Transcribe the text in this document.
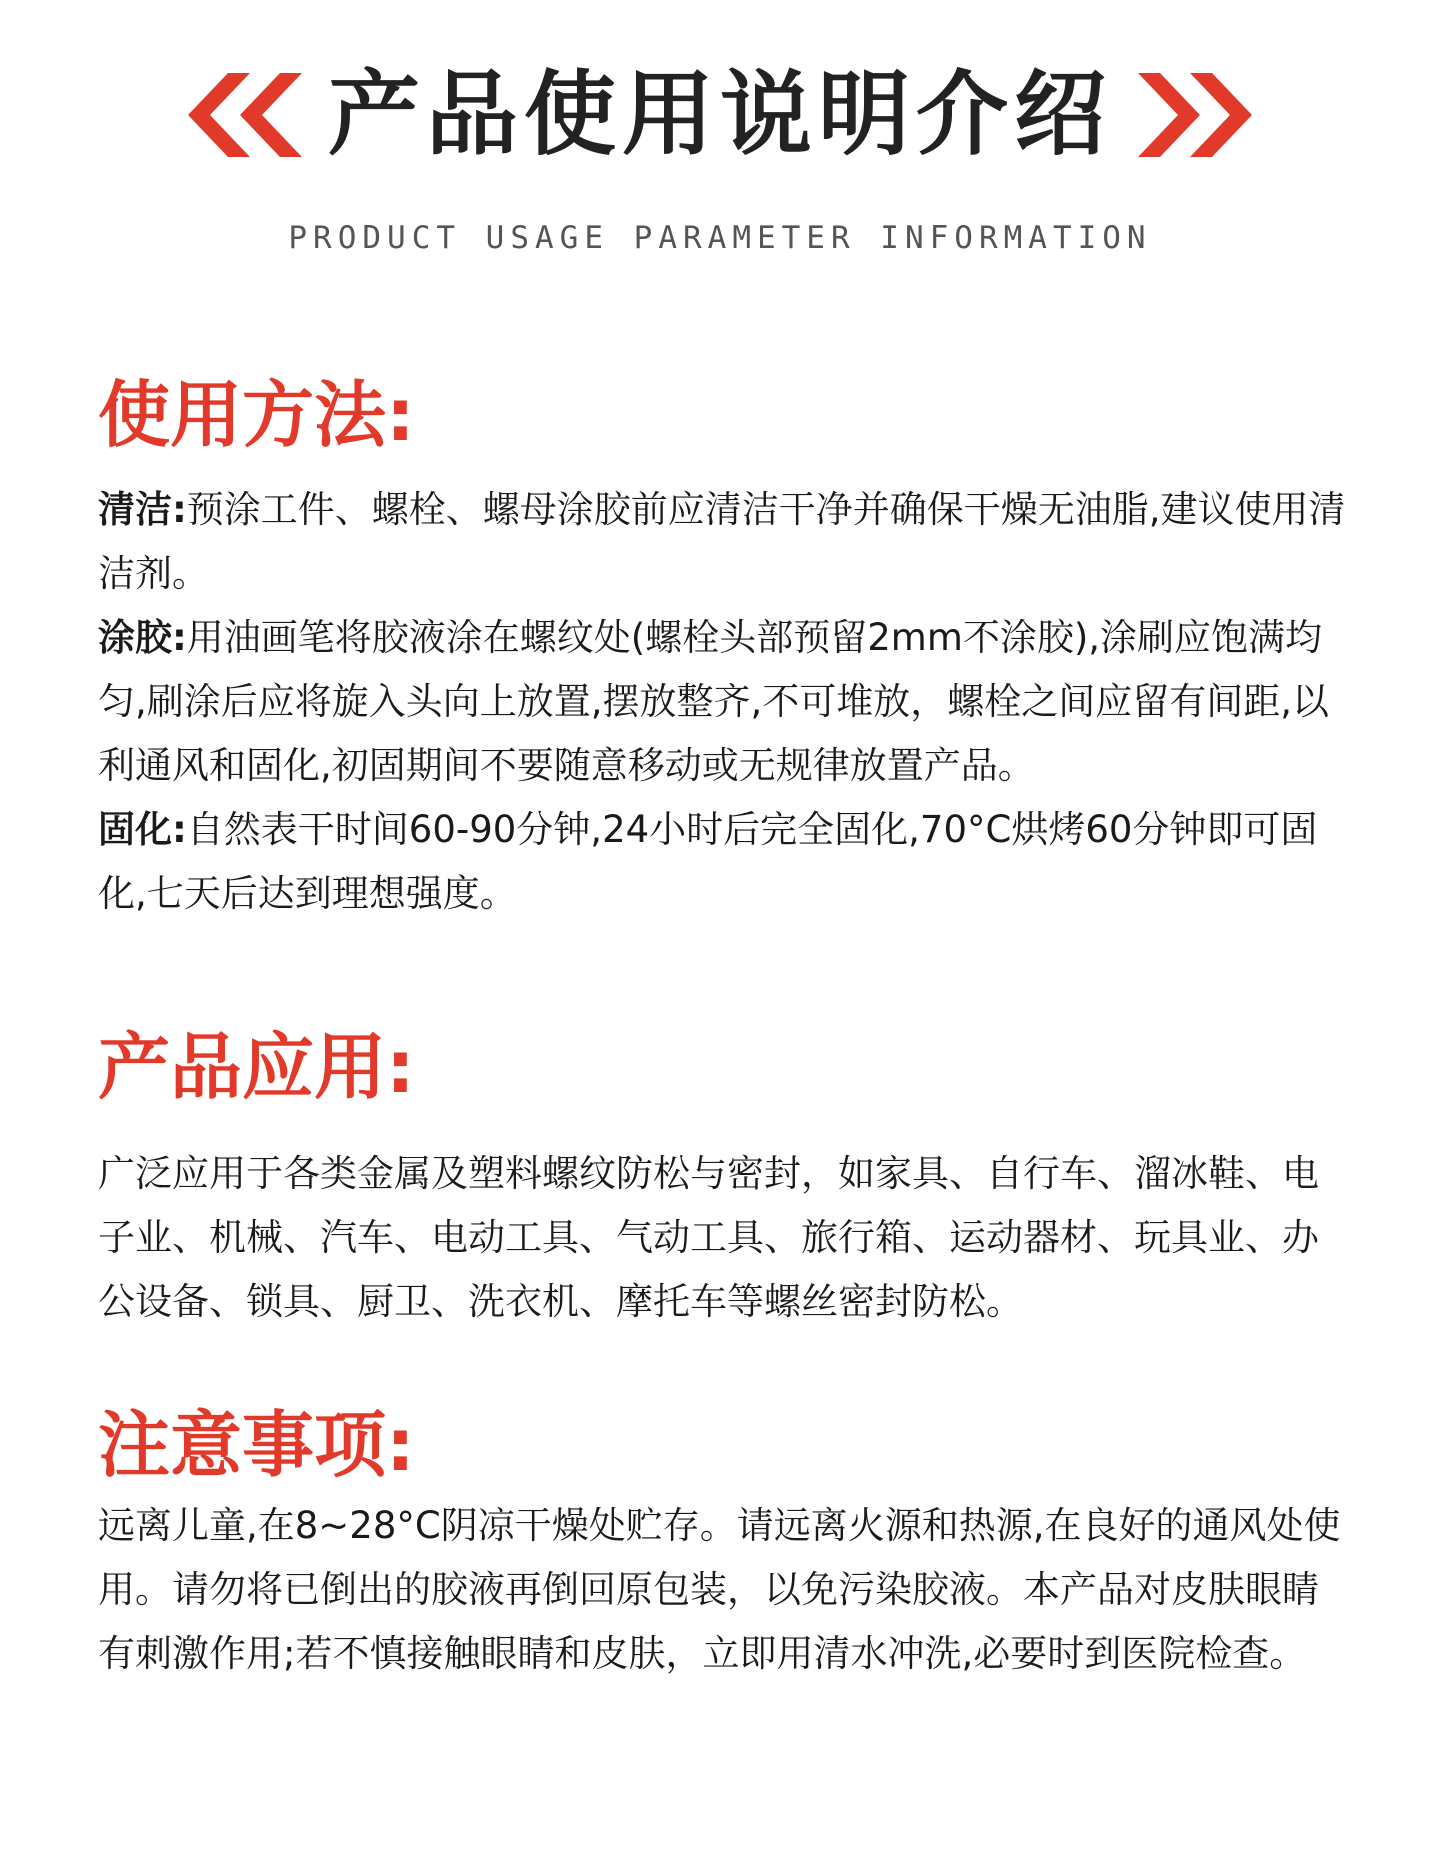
产品使用说明介绍
PRODUCT USAGE PARAMETER INFORMATION
使用方法:

清洁:预涂工件、螺栓、螺母涂胶前应清洁干净并确保干燥无油脂,建议使用清洁剂。

涂胶:用油画笔将胶液涂在螺纹处(螺栓头部预留2mm不涂胶),涂刷应饱满均匀,刷涂后应将旋入头向上放置,摆放整齐,不可堆放，螺栓之间应留有间距,以利通风和固化,初固期间不要随意移动或无规律放置产品。

固化:自然表干时间60-90分钟,24小时后完全固化,70°C烘烤60分钟即可固化,七天后达到理想强度。

产品应用:

广泛应用于各类金属及塑料螺纹防松与密封，如家具、自行车、溜冰鞋、电子业、机械、汽车、电动工具、气动工具、旅行箱、运动器材、玩具业、办公设备、锁具、厨卫、洗衣机、摩托车等螺丝密封防松。

注意事项:

远离儿童,在8~28°C阴凉干燥处贮存。请远离火源和热源,在良好的通风处使用。请勿将已倒出的胶液再倒回原包装，以免污染胶液。本产品对皮肤眼睛有刺激作用;若不慎接触眼睛和皮肤，立即用清水冲洗,必要时到医院检查。
